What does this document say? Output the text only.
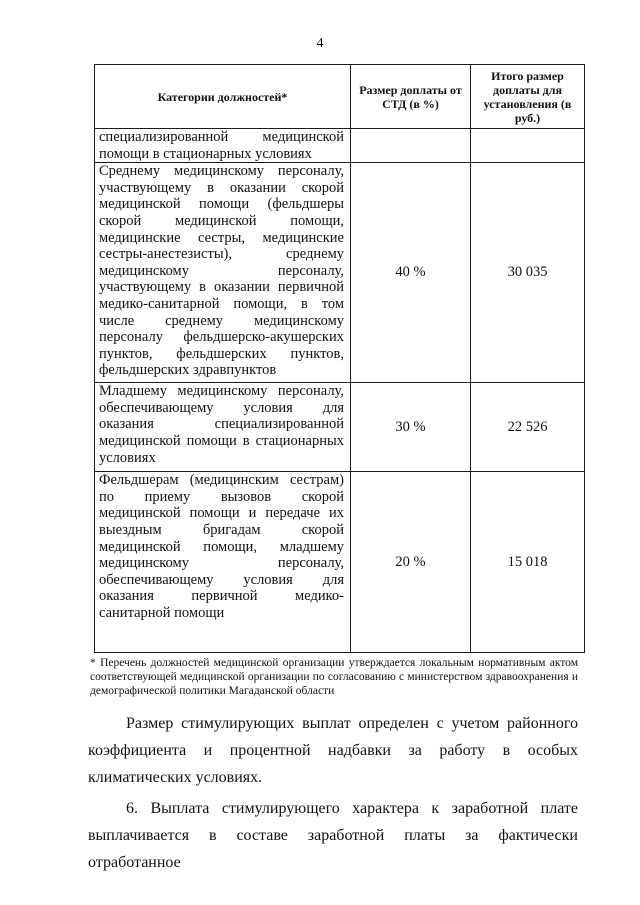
4
Категории должностей*	Размер доплаты от СТД (в %)	Итого размер доплаты для установления (в руб.)
специализированной медицинской помощи в стационарных условиях		
Среднему медицинскому персоналу, участвующему в оказании скорой медицинской помощи (фельдшеры скорой медицинской помощи, медицинские сестры, медицинские сестры-анестезисты), среднему медицинскому персоналу, участвующему в оказании первичной медико-санитарной помощи, в том числе среднему медицинскому персоналу фельдшерско-акушерских пунктов, фельдшерских пунктов, фельдшерских здравпунктов	40 %	30 035
Младшему медицинскому персоналу, обеспечивающему условия для оказания специализированной медицинской помощи в стационарных условиях	30 %	22 526
Фельдшерам (медицинским сестрам) по приему вызовов скорой медицинской помощи и передаче их выездным бригадам скорой медицинской помощи, младшему медицинскому персоналу, обеспечивающему условия для оказания первичной медико-санитарной помощи	20 %	15 018
* Перечень должностей медицинской организации утверждается локальным нормативным актом соответствующей медицинской организации по согласованию с министерством здравоохранения и демографической политики Магаданской области
Размер стимулирующих выплат определен с учетом районного коэффициента и процентной надбавки за работу в особых климатических условиях.
6. Выплата стимулирующего характера к заработной плате выплачивается в составе заработной платы за фактически отработанное
